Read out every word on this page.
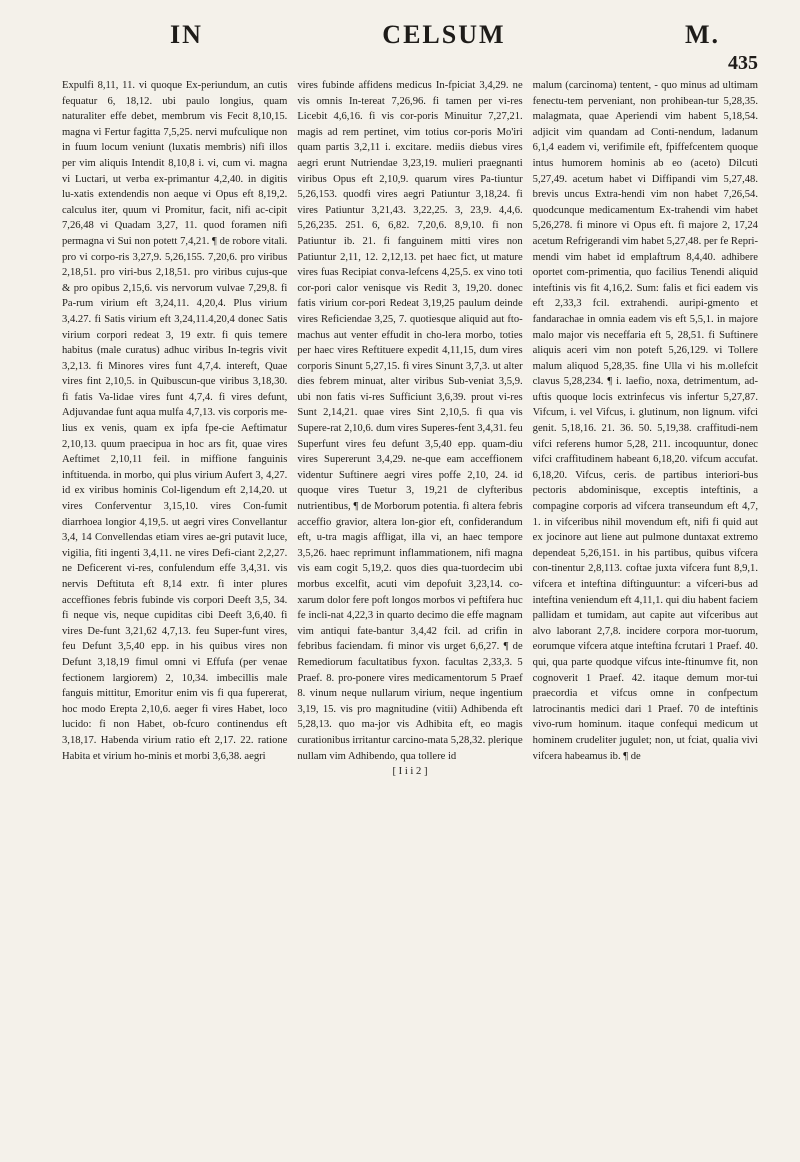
IN	CELSUM	M.
435

Expulfi 8,11, 11. vi quoque Ex-periundum, an cutis fequatur 6, 18,12. ubi paulo longius, quam naturaliter effe debet, membrum vis Fecit 8,10,15. magna vi Fertur fagitta 7,5,25. nervi mufculique non in fuum locum veniunt (luxatis membris) nifi illos per vim aliquis Intendit 8,10,8 i. vi, cum vi. magna vi Luctari, ut verba ex-primantur 4,2,40. in digitis lu-xatis extendendis non aeque vi Opus eft 8,19,2. calculus iter, quum vi Promitur, facit, nifi ac-cipit 7,26,48 vi Quadam 3,27, 11. quod foramen nifi permagna vi Sui non potett 7,4,21. ¶ de robore vitali. pro vi corpo-ris 3,27,9. 5,26,155. 7,20,6. pro viribus 2,18,51. pro viri-bus 2,18,51. pro viribus cujus-que & pro opibus 2,15,6. vis nervorum vulvae 7,29,8. fi Pa-rum virium eft 3,24,11. 4,20,4. Plus virium 3,4.27. fi Satis virium eft 3,24,11.4,20,4 donec Satis virium corpori redeat 3, 19 extr. fi quis temere habitus (male curatus) adhuc viribus In-tegris vivit 3,2,13. fi Minores vires funt 4,7,4. intereft, Quae vires fint 2,10,5. in Quibuscun-que viribus 3,18,30. fi fatis Va-lidae vires funt 4,7,4. fi vires defunt, Adjuvandae funt aqua mulfa 4,7,13. vis corporis me-lius ex venis, quam ex ipfa fpe-cie Aeftimatur 2,10,13. quum praecipua in hoc ars fit, quae vires Aeftimet 2,10,11 feil. in miffione fanguinis inftituenda. in morbo, qui plus virium Aufert 3, 4,27. id ex viribus hominis Col-ligendum eft 2,14,20. ut vires Conferventur 3,15,10. vires Con-fumit diarrhoea longior 4,19,5. ut aegri vires Convellantur 3,4, 14 Convellendas etiam vires ae-gri putavit luce, vigilia, fiti ingenti 3,4,11. ne vires Defi-ciant 2,2,27. ne Deficerent vi-res, confulendum effe 3,4,31. vis nervis Deftituta eft 8,14 extr. fi inter plures acceffiones febris fubinde vis corpori Deeft 3,5, 34. fi neque vis, neque cupiditas cibi Deeft 3,6,40. fi vires De-funt 3,21,62 4,7,13. feu Super-funt vires, feu Defunt 3,5,40 epp. in his quibus vires non Defunt 3,18,19 fimul omni vi Effufa (per venae fectionem largiorem) 2, 10,34. imbecillis male fanguis mittitur, Emoritur enim vis fi qua fupererat, hoc modo Erepta 2,10,6. aeger fi vires Habet, loco lucido: fi non Habet, ob-fcuro continendus eft 3,18,17. Habenda virium ratio eft 2,17. 22. ratione Habita et virium ho-minis et morbi 3,6,38. aegri

vires fubinde affidens medicus In-fpiciat 3,4,29. ne vis omnis In-tereat 7,26,96. fi tamen per vi-res Licebit 4,6,16. fi vis cor-poris Minuitur 7,27,21. magis ad rem pertinet, vim totius cor-poris Mo'iri quam partis 3,2,11 i. excitare. mediis diebus vires aegri erunt Nutriendae 3,23,19. mulieri praegnanti viribus Opus eft 2,10,9. quarum vires Pa-tiuntur 5,26,153. quodfi vires aegri Patiuntur 3,18,24. fi vires Patiuntur 3,21,43. 3,22,25. 3, 23,9. 4,4,6. 5,26,235. 251. 6, 6,82. 7,20,6. 8,9,10. fi non Patiuntur ib. 21. fi fanguinem mitti vires non Patiuntur 2,11, 12. 2,12,13. pet haec fict, ut mature vires fuas Recipiat conva-lefcens 4,25,5. ex vino toti cor-pori calor venisque vis Redit 3, 19,20. donec fatis virium cor-pori Redeat 3,19,25 paulum deinde vires Reficiendae 3,25, 7. quotiesque aliquid aut fto-machus aut venter effudit in cho-lera morbo, toties per haec vires Reftituere expedit 4,11,15, dum vires corporis Sinunt 5,27,15. fi vires Sinunt 3,7,3. ut alter dies febrem minuat, alter viribus Sub-veniat 3,5,9. ubi non fatis vi-res Sufficiunt 3,6,39. prout vi-res Sunt 2,14,21. quae vires Sint 2,10,5. fi qua vis Supere-rat 2,10,6. dum vires Superes-fent 3,4,31. feu Superfunt vires feu defunt 3,5,40 epp. quam-diu vires Supererunt 3,4,29. ne-que eam acceffionem videntur Suftinere aegri vires poffe 2,10, 24. id quoque vires Tuetur 3, 19,21 de clyfteribus nutrientibus, ¶ de Morborum potentia. fi altera febris acceffio gravior, altera lon-gior eft, confiderandum eft, u-tra magis affligat, illa vi, an haec tempore 3,5,26. haec reprimunt inflammationem, nifi magna vis eam cogit 5,19,2. quos dies qua-tuordecim ubi morbus excelfit, acuti vim depofuit 3,23,14. co-xarum dolor fere poft longos morbos vi peftifera huc fe incli-nat 4,22,3 in quarto decimo die effe magnam vim antiqui fate-bantur 3,4,42 fcil. ad crifin in febribus faciendam. fi minor vis urget 6,6,27. ¶ de Remediorum facultatibus fyxon. facultas 2,33,3. 5 Praef. 8. pro-ponere vires medicamentorum 5 Praef 8. vinum neque nullarum virium, neque ingentium 3,19, 15. vis pro magnitudine (vitii) Adhibenda eft 5,28,13. quo ma-jor vis Adhibita eft, eo magis curationibus irritantur carcino-mata 5,28,32. plerique nullam vim Adhibendo, qua tollere id

[ I i i 2 ]

malum (carcinoma) tentent, - quo minus ad ultimam fenectu-tem perveniant, non prohibean-tur 5,28,35. malagmata, quae Aperiendi vim habent 5,18,54. adjicit vim quandam ad Conti-nendum, ladanum 6,1,4 eadem vi, verifimile eft, fpiffefcentem quoque intus humorem hominis ab eo (aceto) Dilcuti 5,27,49. acetum habet vi Diffipandi vim 5,27,48. brevis uncus Extra-hendi vim non habet 7,26,54. quodcunque medicamentum Ex-trahendi vim habet 5,26,278. fi minore vi Opus eft. fi majore 2, 17,24 acetum Refrigerandi vim habet 5,27,48. per fe Repri-mendi vim habet id emplaftrum 8,4,40. adhibere oportet com-primentia, quo facilius Tenendi aliquid inteftinis vis fit 4,16,2. Sum: falis et fici eadem vis eft 2,33,3 fcil. extrahendi. auripi-gmento et fandarachae in omnia eadem vis eft 5,5,1. in majore malo major vis neceffaria eft 5, 28,51. fi Suftinere aliquis aceri vim non poteft 5,26,129. vi Tollere malum aliquod 5,28,35. fine Ulla vi his m.ollefcit clavus 5,28,234. ¶ i. laefio, noxa, detrimentum, ad-uftis quoque locis extrinfecus vis infertur 5,27,87. Vifcum, i. vel Vifcus, i. glutinum, non lignum. vifci genit. 5,18,16. 21. 36. 50. 5,19,38. craffitudi-nem vifci referens humor 5,28, 211. incoquuntur, donec vifci craffitudinem habeant 6,18,20. vifcum accufat. 6,18,20. Vifcus, ceris. de partibus interiori-bus pectoris abdominisque, exceptis inteftinis, a compagine corporis ad vifcera transeundum eft 4,7, 1. in vifceribus nihil movendum eft, nifi fi quid aut ex jocinore aut liene aut pulmone duntaxat extremo dependeat 5,26,151. in his partibus, quibus vifcera con-tinentur 2,8,113. coftae juxta vifcera funt 8,9,1. vifcera et inteftina diftinguuntur: a vifceri-bus ad inteftina veniendum eft 4,11,1. qui diu habent faciem pallidam et tumidam, aut capite aut vifceribus aut alvo laborant 2,7,8. incidere corpora mor-tuorum, eorumque vifcera atque inteftina fcrutari 1 Praef. 40. qui, qua parte quodque vifcus inte-ftinumve fit, non cognoverit 1 Praef. 42. itaque demum mor-tui praecordia et vifcus omne in confpectum latrocinantis medici dari 1 Praef. 70 de inteftinis vivo-rum hominum. itaque confequi medicum ut hominem crudeliter jugulet; non, ut fciat, qualia vivi vifcera habeamus ib. ¶ de
